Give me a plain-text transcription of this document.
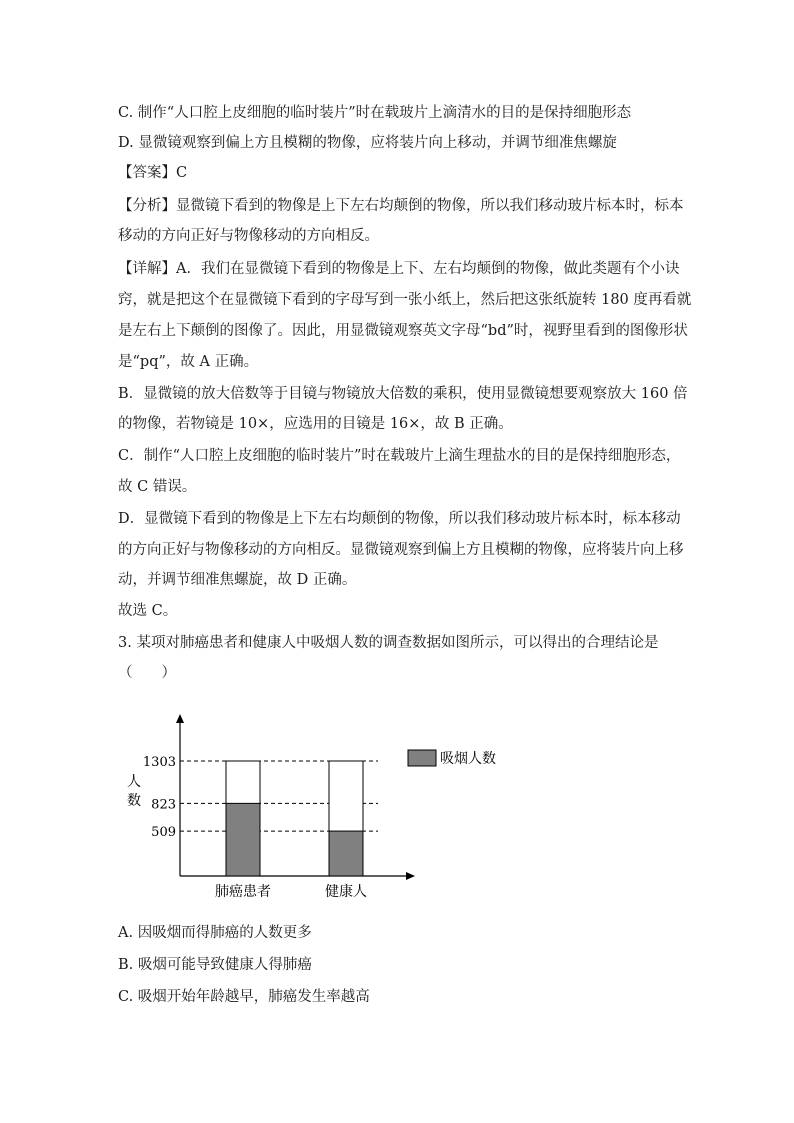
C. 制作“人口腔上皮细胞的临时装片”时在载玻片上滴清水的目的是保持细胞形态
D. 显微镜观察到偏上方且模糊的物像，应将装片向上移动，并调节细准焦螺旋
【答案】C
【分析】显微镜下看到的物像是上下左右均颠倒的物像，所以我们移动玻片标本时，标本
移动的方向正好与物像移动的方向相反。
【详解】A．我们在显微镜下看到的物像是上下、左右均颠倒的物像，做此类题有个小诀
窍，就是把这个在显微镜下看到的字母写到一张小纸上，然后把这张纸旋转 180 度再看就
是左右上下颠倒的图像了。因此，用显微镜观察英文字母“bd”时，视野里看到的图像形状
是“pq”，故 A 正确。
B．显微镜的放大倍数等于目镜与物镜放大倍数的乘积，使用显微镜想要观察放大 160 倍
的物像，若物镜是 10×，应选用的目镜是 16×，故 B 正确。
C．制作“人口腔上皮细胞的临时装片”时在载玻片上滴生理盐水的目的是保持细胞形态，
故 C 错误。
D．显微镜下看到的物像是上下左右均颠倒的物像，所以我们移动玻片标本时，标本移动
的方向正好与物像移动的方向相反。显微镜观察到偏上方且模糊的物像，应将装片向上移
动，并调节细准焦螺旋，故 D 正确。
故选 C。
3. 某项对肺癌患者和健康人中吸烟人数的调查数据如图所示，可以得出的合理结论是
（　　）
人
数
509
823
1303
肺癌患者	健康人
吸烟人数
A. 因吸烟而得肺癌的人数更多
B. 吸烟可能导致健康人得肺癌
C. 吸烟开始年龄越早，肺癌发生率越高
